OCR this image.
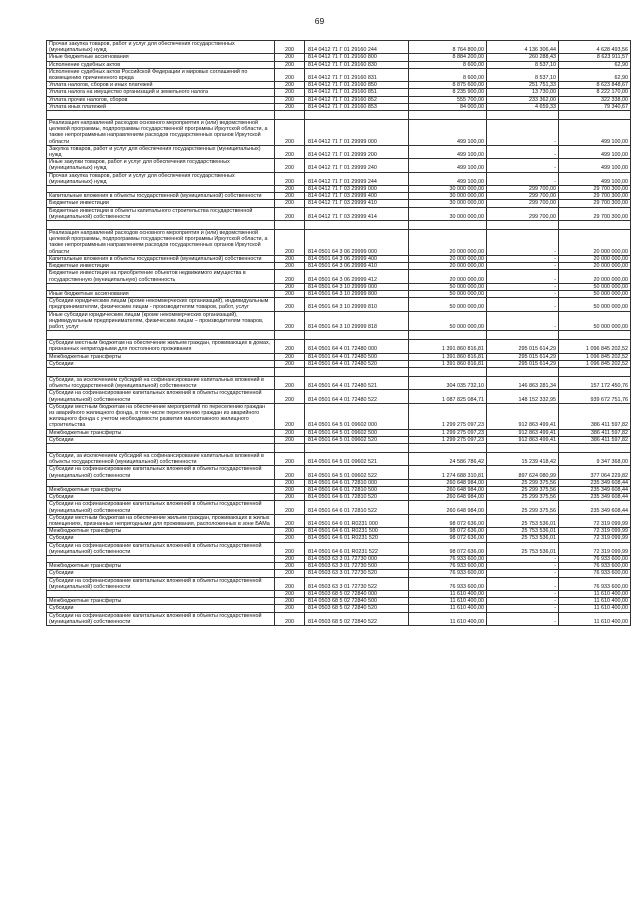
69
Прочая закупка товаров, работ и услуг для обеспечения государственных (муниципальных) нужд	200	814 0412 71 Г 01 29160 244	8 764 800,00	4 136 306,44	4 628 493,56
Иные бюджетные ассигнования	200	814 0412 71 Г 01 29160 800	8 884 200,00	260 288,43	8 623 911,57
Исполнение судебных актов	200	814 0412 71 Г 01 29160 830	8 600,00	8 537,10	62,90
Исполнение судебных актов Российской Федерации и мировых соглашений по возмещению причиненного вреда	200	814 0412 71 Г 01 29160 831	8 600,00	8 537,10	62,90
Уплата налогов, сборов и иных платежей	200	814 0412 71 Г 01 29160 850	8 875 600,00	251 751,33	8 623 848,67
Уплата налога на имущество организаций и земельного налога	200	814 0412 71 Г 01 29160 851	8 235 900,00	13 730,00	8 222 170,00
Уплата прочих налогов, сборов	200	814 0412 71 Г 01 29160 852	555 700,00	233 362,00	322 338,00
Уплата иных платежей	200	814 0412 71 Г 01 29160 853	84 000,00	4 659,33	79 340,67

Реализация направлений расходов основного мероприятия и (или) ведомственной целевой программы, подпрограммы государственной программы Иркутской области, а также непрограммным направлениям расходов государственных органов Иркутской области	200	814 0412 71 Г 01 29999 000	499 100,00	-	499 100,00
Закупка товаров, работ и услуг для обеспечения государственных (муниципальных) нужд	200	814 0412 71 Г 01 29999 200	499 100,00	-	499 100,00
Иные закупки товаров, работ и услуг для обеспечения государственных (муниципальных) нужд	200	814 0412 71 Г 01 29999 240	499 100,00	-	499 100,00
Прочая закупка товаров, работ и услуг для обеспечения государственных (муниципальных) нужд	200	814 0412 71 Г 01 29999 244	499 100,00	-	499 100,00
	200	814 0412 71 Г 03 29999 000	30 000 000,00	299 700,00	29 700 300,00
Капитальные вложения в объекты государственной (муниципальной) собственности	200	814 0412 71 Г 03 29999 400	30 000 000,00	299 700,00	29 700 300,00
Бюджетные инвестиции	200	814 0412 71 Г 03 29999 410	30 000 000,00	299 700,00	29 700 300,00
Бюджетные инвестиции в объекты капитального строительства государственной (муниципальной) собственности	200	814 0412 71 Г 03 29999 414	30 000 000,00	299 700,00	29 700 300,00

Реализация направлений расходов основного мероприятия и (или) ведомственной целевой программы, подпрограммы государственной программы Иркутской области, а также непрограммным направлениям расходов государственных органов Иркутской области	200	814 0501 64 3 06 29999 000	20 000 000,00	-	20 000 000,00
Капитальные вложения в объекты государственной (муниципальной) собственности	200	814 0501 64 3 06 29999 400	20 000 000,00	-	20 000 000,00
Бюджетные инвестиции	200	814 0501 64 3 06 29999 410	20 000 000,00	-	20 000 000,00
Бюджетные инвестиции на приобретение объектов недвижимого имущества в государственную (муниципальную) собственность	200	814 0501 64 3 06 29999 412	20 000 000,00	-	20 000 000,00
	200	814 0501 64 3 10 29999 000	50 000 000,00	-	50 000 000,00
Иные бюджетные ассигнования	200	814 0501 64 3 10 29999 800	50 000 000,00	-	50 000 000,00
Субсидии юридическим лицам (кроме некоммерческих организаций), индивидуальным предпринимателям, физическим лицам - производителям товаров, работ, услуг	200	814 0501 64 3 10 29999 810	50 000 000,00	-	50 000 000,00
Иные субсидии юридическим лицам (кроме некоммерческих организаций), индивидуальным предпринимателям, физическим лицам – производителям товаров, работ, услуг	200	814 0501 64 3 10 29999 818	50 000 000,00	-	50 000 000,00

Субсидии местным бюджетам на обеспечение жильем граждан, проживающих в домах, признанных непригодными для постоянного проживания	200	814 0501 64 4 01 72480 000	1 391 860 816,81	295 015 614,29	1 096 845 202,52
Межбюджетные трансферты	200	814 0501 64 4 01 72480 500	1 391 860 816,81	295 015 614,29	1 096 845 202,52
Субсидии	200	814 0501 64 4 01 72480 520	1 391 860 816,81	295 015 614,29	1 096 845 202,52

Субсидии, за исключением субсидий на софинансирование капитальных вложений в объекты государственной (муниципальной) собственности	200	814 0501 64 4 01 72480 521	304 035 732,10	146 863 281,34	157 172 450,76
Субсидии на софинансирование капитальных вложений в объекты государственной (муниципальной) собственности	200	814 0501 64 4 01 72480 522	1 087 825 084,71	148 152 332,95	939 672 751,76
Субсидии местным бюджетам на обеспечение мероприятий по переселению граждан из аварийного жилищного фонда, в том числе переселению граждан из аварийного жилищного фонда с учетом необходимости развития малоэтажного жилищного строительства	200	814 0501 64 5 01 09602 000	1 299 275 097,23	912 863 499,41	386 411 597,82
Межбюджетные трансферты	200	814 0501 64 5 01 09602 500	1 299 275 097,23	912 863 499,41	386 411 597,82
Субсидии	200	814 0501 64 5 01 09602 520	1 299 275 097,23	912 863 499,41	386 411 597,82

Субсидии, за исключением субсидий на софинансирование капитальных вложений в объекты государственной (муниципальной) собственности	200	814 0501 64 5 01 09602 521	24 586 786,42	15 239 418,42	9 347 368,00
Субсидии на софинансирование капитальных вложений в объекты государственной (муниципальной) собственности	200	814 0501 64 5 01 09602 522	1 274 688 310,81	897 624 080,99	377 064 229,82
	200	814 0501 64 6 01 72810 000	260 648 984,00	25 299 375,56	235 349 608,44
Межбюджетные трансферты	200	814 0501 64 6 01 72810 500	260 648 984,00	25 299 375,56	235 349 608,44
Субсидии	200	814 0501 64 6 01 72810 520	260 648 984,00	25 299 375,56	235 349 608,44
Субсидии на софинансирование капитальных вложений в объекты государственной (муниципальной) собственности	200	814 0501 64 6 01 72810 522	260 648 984,00	25 299 375,56	235 349 608,44
Субсидии местным бюджетам на обеспечение жильем граждан, проживающих в жилых помещениях, признанных непригодными для проживания, расположенных в зоне БАМа	200	814 0501 64 6 01 R0231 000	98 072 636,00	25 753 536,01	72 319 099,99
Межбюджетные трансферты	200	814 0501 64 6 01 R0231 500	98 072 636,00	25 753 536,01	72 319 099,99
Субсидии	200	814 0501 64 6 01 R0231 520	98 072 636,00	25 753 536,01	72 319 099,99
Субсидии на софинансирование капитальных вложений в объекты государственной (муниципальной) собственности	200	814 0501 64 6 01 R0231 522	98 072 636,00	25 753 536,01	72 319 099,99
	200	814 0503 63 3 01 72730 000	76 933 600,00	-	76 933 600,00
Межбюджетные трансферты	200	814 0503 63 3 01 72730 500	76 933 600,00	-	76 933 600,00
Субсидии	200	814 0503 63 3 01 72730 520	76 933 600,00	-	76 933 600,00
Субсидии на софинансирование капитальных вложений в объекты государственной (муниципальной) собственности	200	814 0503 63 3 01 72730 522	76 933 600,00	-	76 933 600,00
	200	814 0503 68 5 02 72840 000	11 610 400,00	-	11 610 400,00
Межбюджетные трансферты	200	814 0503 68 5 02 72840 500	11 610 400,00	-	11 610 400,00
Субсидии	200	814 0503 68 5 02 72840 520	11 610 400,00	-	11 610 400,00
Субсидии на софинансирование капитальных вложений в объекты государственной (муниципальной) собственности	200	814 0503 68 5 02 72840 522	11 610 400,00	-	11 610 400,00
